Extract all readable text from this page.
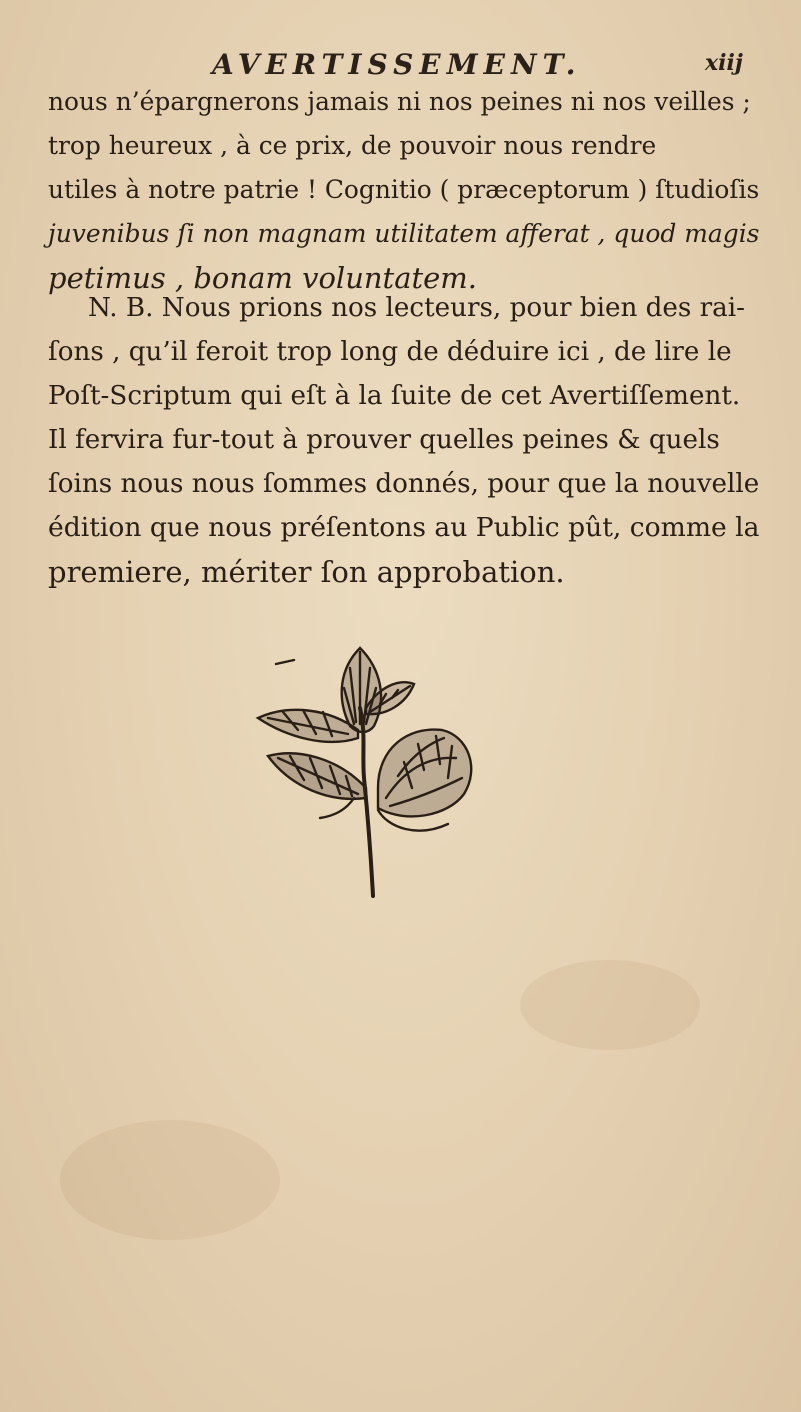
AVERTISSEMENT.	xiij
nous n’épargnerons jamais ni nos peines ni nos veilles ;
trop heureux , à ce prix, de pouvoir nous rendre
utiles à notre patrie ! Cognitio ( præceptorum ) ſtudioſis
juvenibus ſi non magnam utilitatem afferat , quod magis
petimus , bonam voluntatem.
N. B. Nous prions nos lecteurs, pour bien des rai-
ſons , qu’il feroit trop long de déduire ici , de lire le
Poſt-Scriptum qui eſt à la ſuite de cet Avertiſſement.
Il fervira fur-tout à prouver quelles peines & quels
ſoins nous nous ſommes donnés, pour que la nouvelle
édition que nous préſentons au Public pût, comme la
premiere, mériter ſon approbation.
